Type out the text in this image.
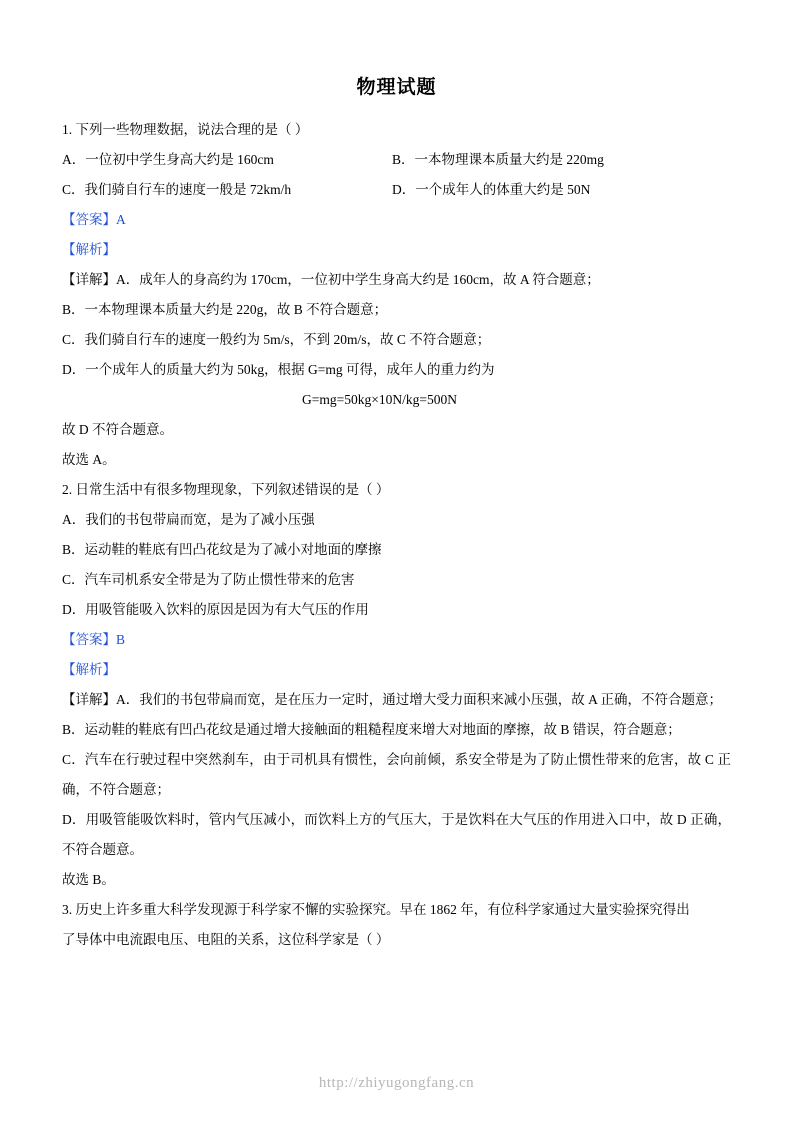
物理试题
1. 下列一些物理数据，说法合理的是（ ）
A．一位初中学生身高大约是 160cm	B．一本物理课本质量大约是 220mg
C．我们骑自行车的速度一般是 72km/h	D．一个成年人的体重大约是 50N
【答案】A
【解析】
【详解】A．成年人的身高约为 170cm，一位初中学生身高大约是 160cm，故 A 符合题意；
B．一本物理课本质量大约是 220g，故 B 不符合题意；
C．我们骑自行车的速度一般约为 5m/s，不到 20m/s，故 C 不符合题意；
D．一个成年人的质量大约为 50kg，根据 G=mg 可得，成年人的重力约为
G=mg=50kg×10N/kg=500N
故 D 不符合题意。
故选 A。
2. 日常生活中有很多物理现象，下列叙述错误的是（ ）
A．我们的书包带扁而宽，是为了减小压强
B．运动鞋的鞋底有凹凸花纹是为了减小对地面的摩擦
C．汽车司机系安全带是为了防止惯性带来的危害
D．用吸管能吸入饮料的原因是因为有大气压的作用
【答案】B
【解析】
【详解】A．我们的书包带扁而宽，是在压力一定时，通过增大受力面积来减小压强，故 A 正确，不符合题意；
B．运动鞋的鞋底有凹凸花纹是通过增大接触面的粗糙程度来增大对地面的摩擦，故 B 错误，符合题意；
C．汽车在行驶过程中突然刹车，由于司机具有惯性，会向前倾，系安全带是为了防止惯性带来的危害，故 C 正确，不符合题意；
D．用吸管能吸饮料时，管内气压减小，而饮料上方的气压大，于是饮料在大气压的作用进入口中，故 D 正确，不符合题意。
故选 B。
3. 历史上许多重大科学发现源于科学家不懈的实验探究。早在 1862 年，有位科学家通过大量实验探究得出
了导体中电流跟电压、电阻的关系，这位科学家是（ ）
http://zhiyugongfang.cn
